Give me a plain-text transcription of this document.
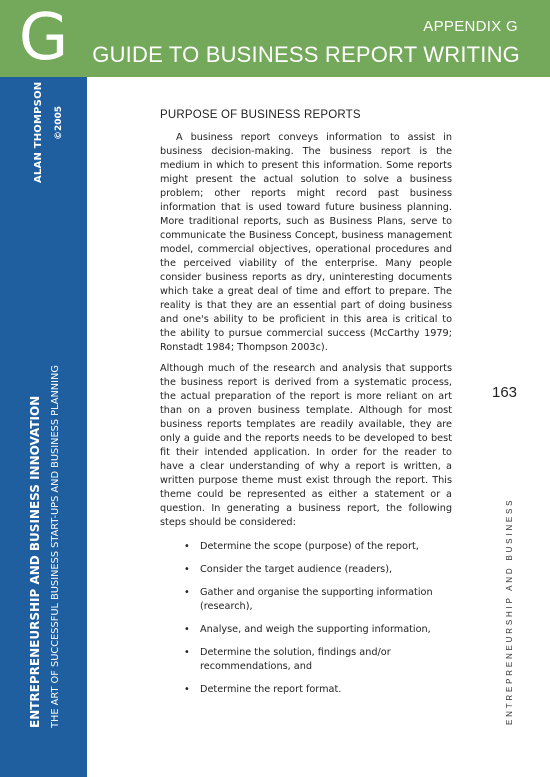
G	APPENDIX G
GUIDE TO BUSINESS REPORT WRITING
ALAN THOMPSON ©2005
ENTREPRENEURSHIP AND BUSINESS INNOVATION THE ART OF SUCCESSFUL BUSINESS START-UPS AND BUSINESS PLANNING	163
ENTREPRENEURSHIP AND BUSINESS
PURPOSE OF BUSINESS REPORTS

A business report conveys information to assist in business decision-making. The business report is the medium in which to present this information. Some reports might present the actual solution to solve a business problem; other reports might record past business information that is used toward future business planning. More traditional reports, such as Business Plans, serve to communicate the Business Concept, business management model, commercial objectives, operational procedures and the perceived viability of the enterprise. Many people consider business reports as dry, uninteresting documents which take a great deal of time and effort to prepare. The reality is that they are an essential part of doing business and one's ability to be proficient in this area is critical to the ability to pursue commercial success (McCarthy 1979; Ronstadt 1984; Thompson 2003c).

Although much of the research and analysis that supports the business report is derived from a systematic process, the actual preparation of the report is more reliant on art than on a proven business template. Although for most business reports templates are readily available, they are only a guide and the reports needs to be developed to best fit their intended application. In order for the reader to have a clear understanding of why a report is written, a written purpose theme must exist through the report. This theme could be represented as either a statement or a question. In generating a business report, the following steps should be considered:

• Determine the scope (purpose) of the report,
• Consider the target audience (readers),
• Gather and organise the supporting information (research),
• Analyse, and weigh the supporting information,
• Determine the solution, findings and/or recommendations, and
• Determine the report format.
